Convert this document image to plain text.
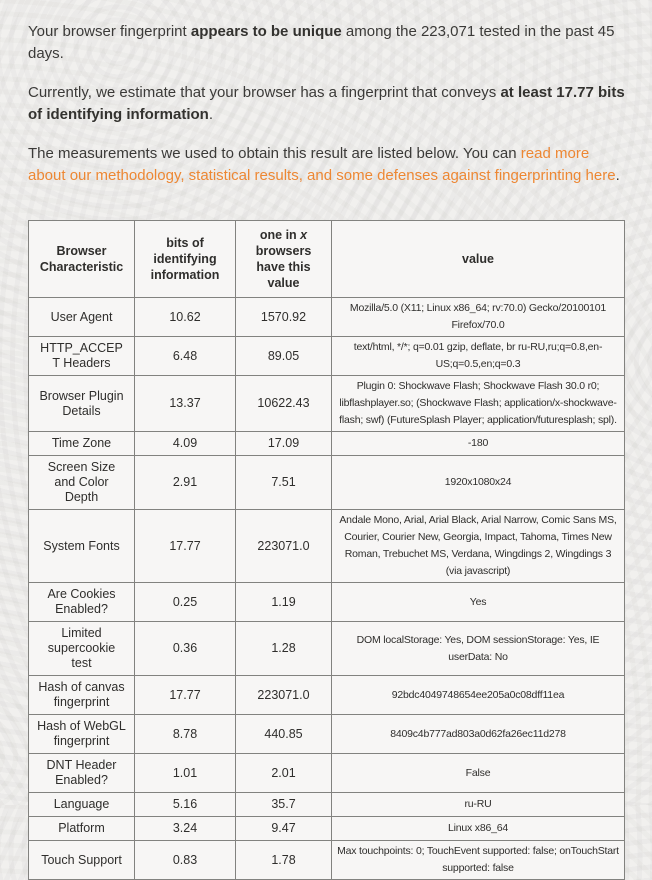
Your browser fingerprint appears to be unique among the 223,071 tested in the past 45 days.

Currently, we estimate that your browser has a fingerprint that conveys at least 17.77 bits of identifying information.

The measurements we used to obtain this result are listed below. You can read more about our methodology, statistical results, and some defenses against fingerprinting here.

Browser Characteristic	bits of identifying information	one in x browsers have this value	value
User Agent	10.62	1570.92	Mozilla/5.0 (X11; Linux x86_64; rv:70.0) Gecko/20100101 Firefox/70.0
HTTP_ACCEPT Headers	6.48	89.05	text/html, */*; q=0.01 gzip, deflate, br ru-RU,ru;q=0.8,en-US;q=0.5,en;q=0.3
Browser Plugin Details	13.37	10622.43	Plugin 0: Shockwave Flash; Shockwave Flash 30.0 r0; libflashplayer.so; (Shockwave Flash; application/x-shockwave-flash; swf) (FutureSplash Player; application/futuresplash; spl).
Time Zone	4.09	17.09	-180
Screen Size and Color Depth	2.91	7.51	1920x1080x24
System Fonts	17.77	223071.0	Andale Mono, Arial, Arial Black, Arial Narrow, Comic Sans MS, Courier, Courier New, Georgia, Impact, Tahoma, Times New Roman, Trebuchet MS, Verdana, Wingdings 2, Wingdings 3 (via javascript)
Are Cookies Enabled?	0.25	1.19	Yes
Limited supercookie test	0.36	1.28	DOM localStorage: Yes, DOM sessionStorage: Yes, IE userData: No
Hash of canvas fingerprint	17.77	223071.0	92bdc4049748654ee205a0c08dff11ea
Hash of WebGL fingerprint	8.78	440.85	8409c4b777ad803a0d62fa26ec11d278
DNT Header Enabled?	1.01	2.01	False
Language	5.16	35.7	ru-RU
Platform	3.24	9.47	Linux x86_64
Touch Support	0.83	1.78	Max touchpoints: 0; TouchEvent supported: false; onTouchStart supported: false
